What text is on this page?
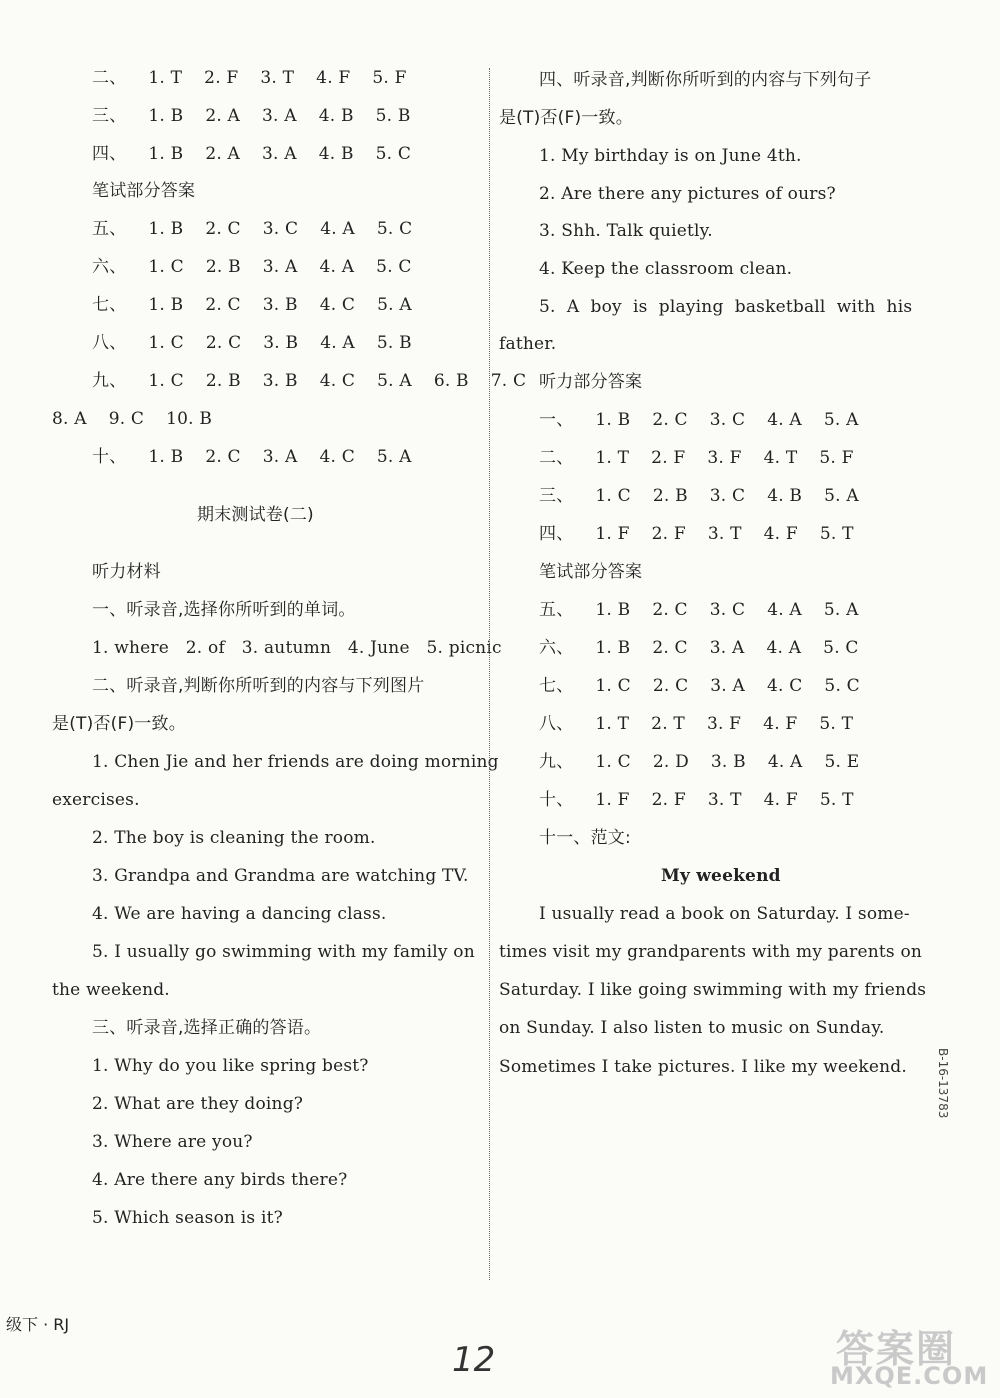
二、 1. T 2. F 3. T 4. F 5. F
三、 1. B 2. A 3. A 4. B 5. B
四、 1. B 2. A 3. A 4. B 5. C
笔试部分答案
五、 1. B 2. C 3. C 4. A 5. C
六、 1. C 2. B 3. A 4. A 5. C
七、 1. B 2. C 3. B 4. C 5. A
八、 1. C 2. C 3. B 4. A 5. B
九、 1. C 2. B 3. B 4. C 5. A 6. B 7. C
8. A 9. C 10. B
十、 1. B 2. C 3. A 4. C 5. A
期末测试卷(二)
听力材料
一、听录音,选择你所听到的单词。
1. where   2. of   3. autumn   4. June   5. picnic
二、听录音,判断你所听到的内容与下列图片
是(T)否(F)一致。
1. Chen Jie and her friends are doing morning
exercises.
2. The boy is cleaning the room.
3. Grandpa and Grandma are watching TV.
4. We are having a dancing class.
5. I usually go swimming with my family on
the weekend.
三、听录音,选择正确的答语。
1. Why do you like spring best?
2. What are they doing?
3. Where are you?
4. Are there any birds there?
5. Which season is it?
四、听录音,判断你所听到的内容与下列句子
是(T)否(F)一致。
1. My birthday is on June 4th.
2. Are there any pictures of ours?
3. Shh. Talk quietly.
4. Keep the classroom clean.
5.  A  boy  is  playing  basketball  with  his
father.
听力部分答案
一、 1. B 2. C 3. C 4. A 5. A
二、 1. T 2. F 3. F 4. T 5. F
三、 1. C 2. B 3. C 4. B 5. A
四、 1. F 2. F 3. T 4. F 5. T
笔试部分答案
五、 1. B 2. C 3. C 4. A 5. A
六、 1. B 2. C 3. A 4. A 5. C
七、 1. C 2. C 3. A 4. C 5. C
八、 1. T 2. T 3. F 4. F 5. T
九、 1. C 2. D 3. B 4. A 5. E
十、 1. F 2. F 3. T 4. F 5. T
十一、范文:
My weekend
I usually read a book on Saturday. I some-
times visit my grandparents with my parents on
Saturday. I like going swimming with my friends
on Sunday. I also listen to music on Sunday.
Sometimes I take pictures. I like my weekend. B-16-13783
级下 · RJ
12	答案圈
MXQE.COM
